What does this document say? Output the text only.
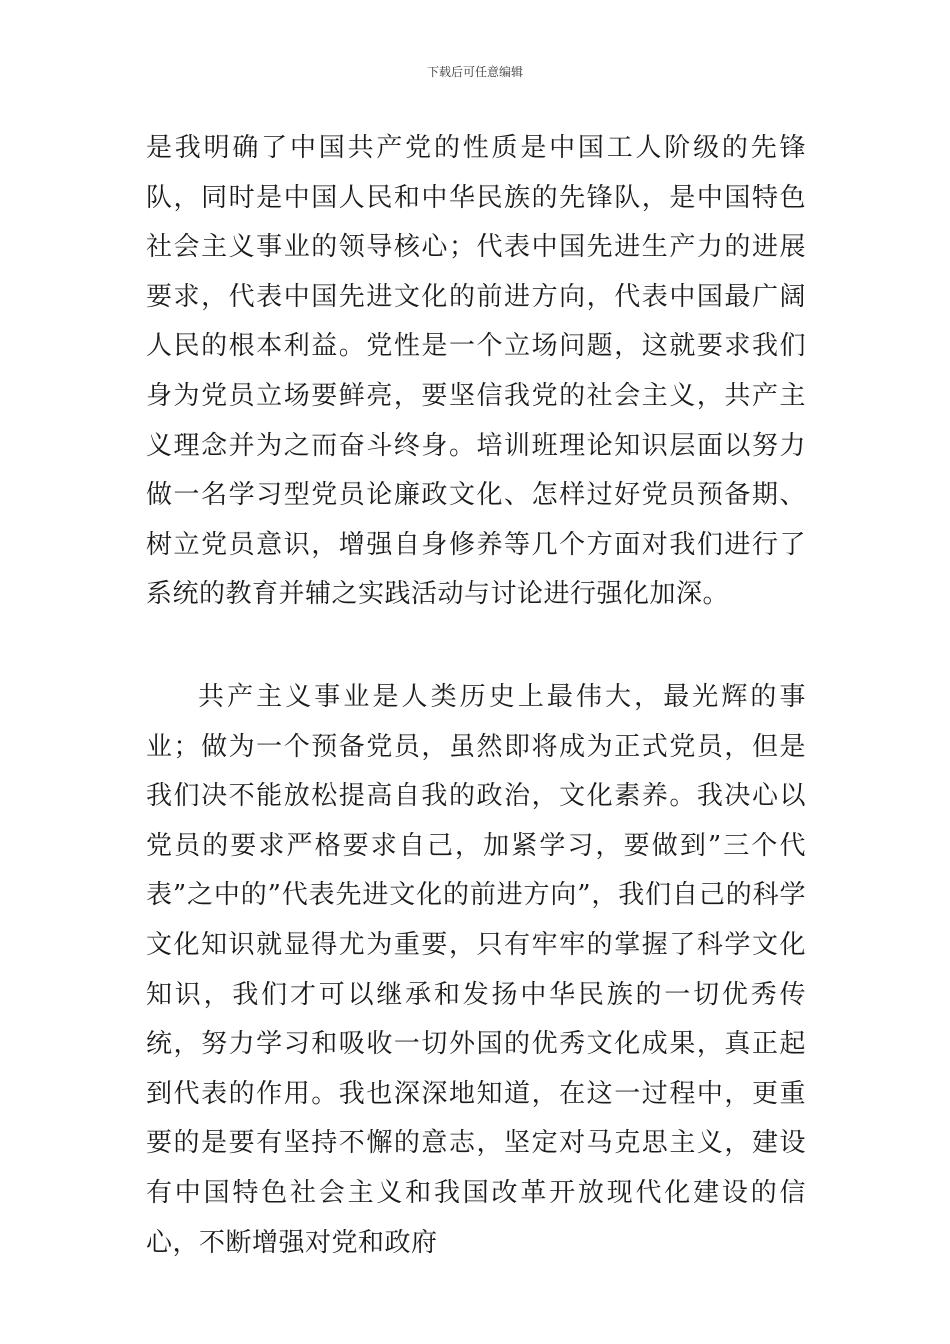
下载后可任意编辑

是我明确了中国共产党的性质是中国工人阶级的先锋队，同时是中国人民和中华民族的先锋队，是中国特色社会主义事业的领导核心；代表中国先进生产力的进展要求，代表中国先进文化的前进方向，代表中国最广阔人民的根本利益。党性是一个立场问题，这就要求我们身为党员立场要鲜亮，要坚信我党的社会主义，共产主义理念并为之而奋斗终身。培训班理论知识层面以努力做一名学习型党员论廉政文化、怎样过好党员预备期、树立党员意识，增强自身修养等几个方面对我们进行了系统的教育并辅之实践活动与讨论进行强化加深。

共产主义事业是人类历史上最伟大，最光辉的事业；做为一个预备党员，虽然即将成为正式党员，但是我们决不能放松提高自我的政治，文化素养。我决心以党员的要求严格要求自己，加紧学习，要做到”三个代表”之中的”代表先进文化的前进方向”，我们自己的科学文化知识就显得尤为重要，只有牢牢的掌握了科学文化知识，我们才可以继承和发扬中华民族的一切优秀传统，努力学习和吸收一切外国的优秀文化成果，真正起到代表的作用。我也深深地知道，在这一过程中，更重要的是要有坚持不懈的意志，坚定对马克思主义，建设有中国特色社会主义和我国改革开放现代化建设的信心，不断增强对党和政府
